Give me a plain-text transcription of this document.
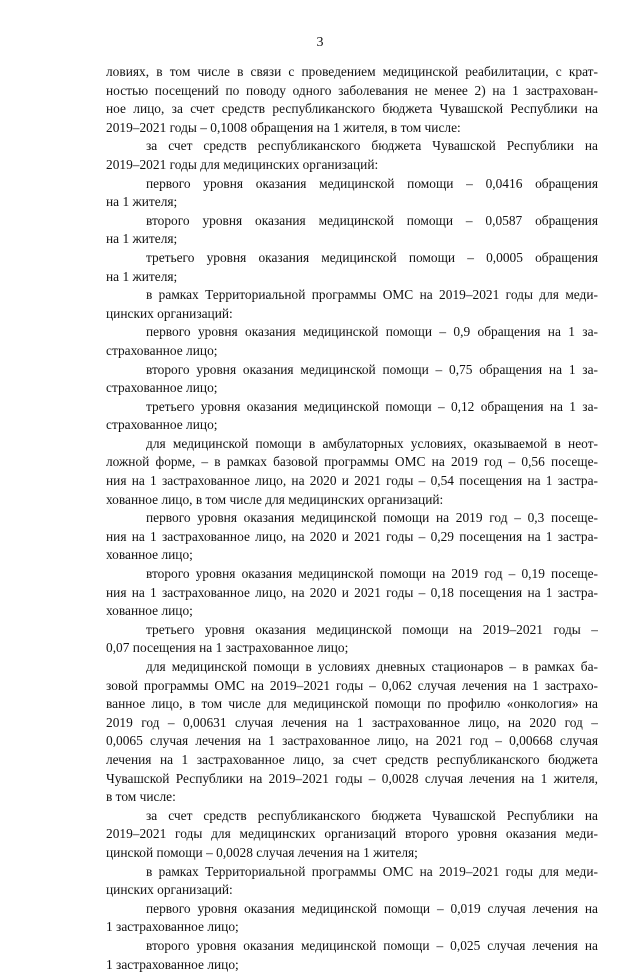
3
ловиях, в том числе в связи с проведением медицинской реабилитации, с крат-
ностью посещений по поводу одного заболевания не менее 2) на 1 застрахован-
ное лицо, за счет средств республиканского бюджета Чувашской Республики на
2019–2021 годы – 0,1008 обращения на 1 жителя, в том числе:
за счет средств республиканского бюджета Чувашской Республики на
2019–2021 годы для медицинских организаций:
первого уровня оказания медицинской помощи – 0,0416 обращения
на 1 жителя;
второго уровня оказания медицинской помощи – 0,0587 обращения
на 1 жителя;
третьего уровня оказания медицинской помощи – 0,0005 обращения
на 1 жителя;
в рамках Территориальной программы ОМС на 2019–2021 годы для меди-
цинских организаций:
первого уровня оказания медицинской помощи – 0,9 обращения на 1 за-
страхованное лицо;
второго уровня оказания медицинской помощи – 0,75 обращения на 1 за-
страхованное лицо;
третьего уровня оказания медицинской помощи – 0,12 обращения на 1 за-
страхованное лицо;
для медицинской помощи в амбулаторных условиях, оказываемой в неот-
ложной форме, – в рамках базовой программы ОМС на 2019 год – 0,56 посеще-
ния на 1 застрахованное лицо, на 2020 и 2021 годы – 0,54 посещения на 1 застра-
хованное лицо, в том числе для медицинских организаций:
первого уровня оказания медицинской помощи на 2019 год – 0,3 посеще-
ния на 1 застрахованное лицо, на 2020 и 2021 годы – 0,29 посещения на 1 застра-
хованное лицо;
второго уровня оказания медицинской помощи на 2019 год – 0,19 посеще-
ния на 1 застрахованное лицо, на 2020 и 2021 годы – 0,18 посещения на 1 застра-
хованное лицо;
третьего уровня оказания медицинской помощи на 2019–2021 годы –
0,07 посещения на 1 застрахованное лицо;
для медицинской помощи в условиях дневных стационаров – в рамках ба-
зовой программы ОМС на 2019–2021 годы – 0,062 случая лечения на 1 застрахо-
ванное лицо, в том числе для медицинской помощи по профилю «онкология» на
2019 год – 0,00631 случая лечения на 1 застрахованное лицо, на 2020 год –
0,0065 случая лечения на 1 застрахованное лицо, на 2021 год – 0,00668 случая
лечения на 1 застрахованное лицо, за счет средств республиканского бюджета
Чувашской Республики на 2019–2021 годы – 0,0028 случая лечения на 1 жителя,
в том числе:
за счет средств республиканского бюджета Чувашской Республики на
2019–2021 годы для медицинских организаций второго уровня оказания меди-
цинской помощи – 0,0028 случая лечения на 1 жителя;
в рамках Территориальной программы ОМС на 2019–2021 годы для меди-
цинских организаций:
первого уровня оказания медицинской помощи – 0,019 случая лечения на
1 застрахованное лицо;
второго уровня оказания медицинской помощи – 0,025 случая лечения на
1 застрахованное лицо;
